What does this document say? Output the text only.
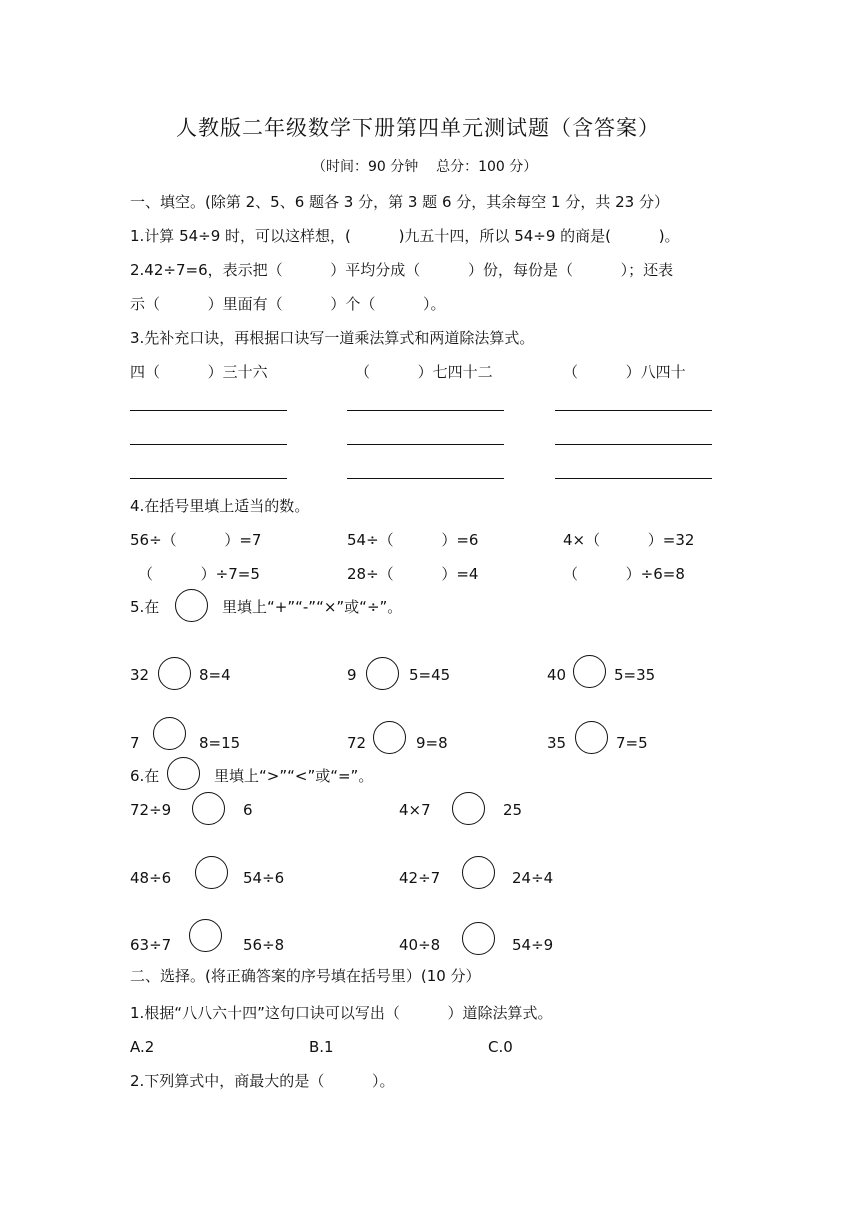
人教版二年级数学下册第四单元测试题（含答案）
（时间：90 分钟    总分：100 分）
一、填空。(除第 2、5、6 题各 3 分，第 3 题 6 分，其余每空 1 分，共 23 分）
1.计算 54÷9 时，可以这样想，(          )九五十四，所以 54÷9 的商是(          )。
2.42÷7=6，表示把（          ）平均分成（          ）份，每份是（          ）；还表
示（          ）里面有（          ）个（          ）。
3.先补充口诀，再根据口诀写一道乘法算式和两道除法算式。
四（          ）三十六	（          ）七四十二	（          ）八四十
4.在括号里填上适当的数。
56÷（          ）=7	54÷（          ）=6	4×（          ）=32
（          ）÷7=5	28÷（          ）=4	（          ）÷6=8
5.在	里填上“+”“-”“×”或“÷”。
32	8=4	9	5=45	40	5=35
7	8=15	72	9=8	35	7=5
6.在	里填上“>”“<”或“=”。
72÷9	6	4×7	25
48÷6	54÷6	42÷7	24÷4
63÷7	56÷8	40÷8	54÷9
二、选择。(将正确答案的序号填在括号里）(10 分）
1.根据“八八六十四”这句口诀可以写出（          ）道除法算式。
A.2	B.1	C.0
2.下列算式中，商最大的是（          ）。
